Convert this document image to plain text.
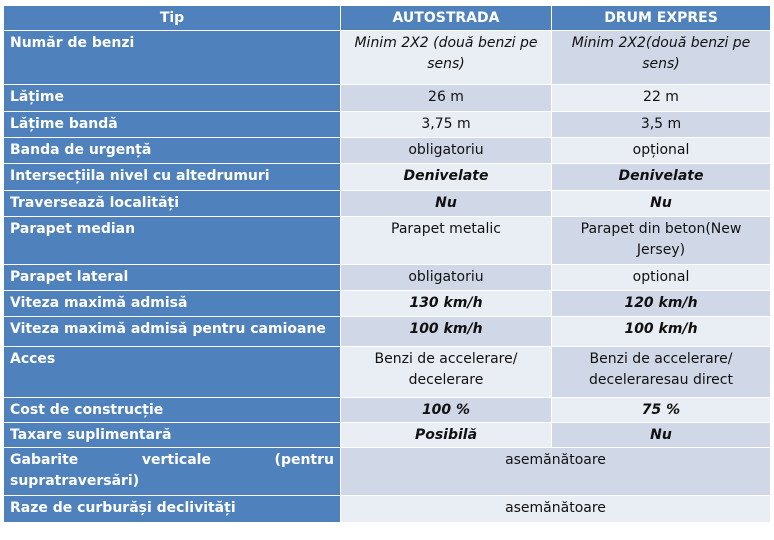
Tip	AUTOSTRADA	DRUM EXPRES
Număr de benzi	Minim 2X2 (două benzi pe sens)	Minim 2X2(două benzi pe sens)
Lățime	26 m	22 m
Lățime bandă	3,75 m	3,5 m
Banda de urgență	obligatoriu	opțional
Intersecțiila nivel cu altedrumuri	Denivelate	Denivelate
Traversează localități	Nu	Nu
Parapet median	Parapet metalic	Parapet din beton(New Jersey)
Parapet lateral	obligatoriu	optional
Viteza maximă admisă	130 km/h	120 km/h
Viteza maximă admisă pentru camioane	100 km/h	100 km/h
Acces	Benzi de accelerare/ decelerare	Benzi de accelerare/ deceleraresau direct
Cost de construcție	100 %	75 %
Taxare suplimentară	Posibilă	Nu

Gabarite verticale (pentru
supratraversări)	asemănătoare	
Raze de curburăși declivități	asemănătoare	
